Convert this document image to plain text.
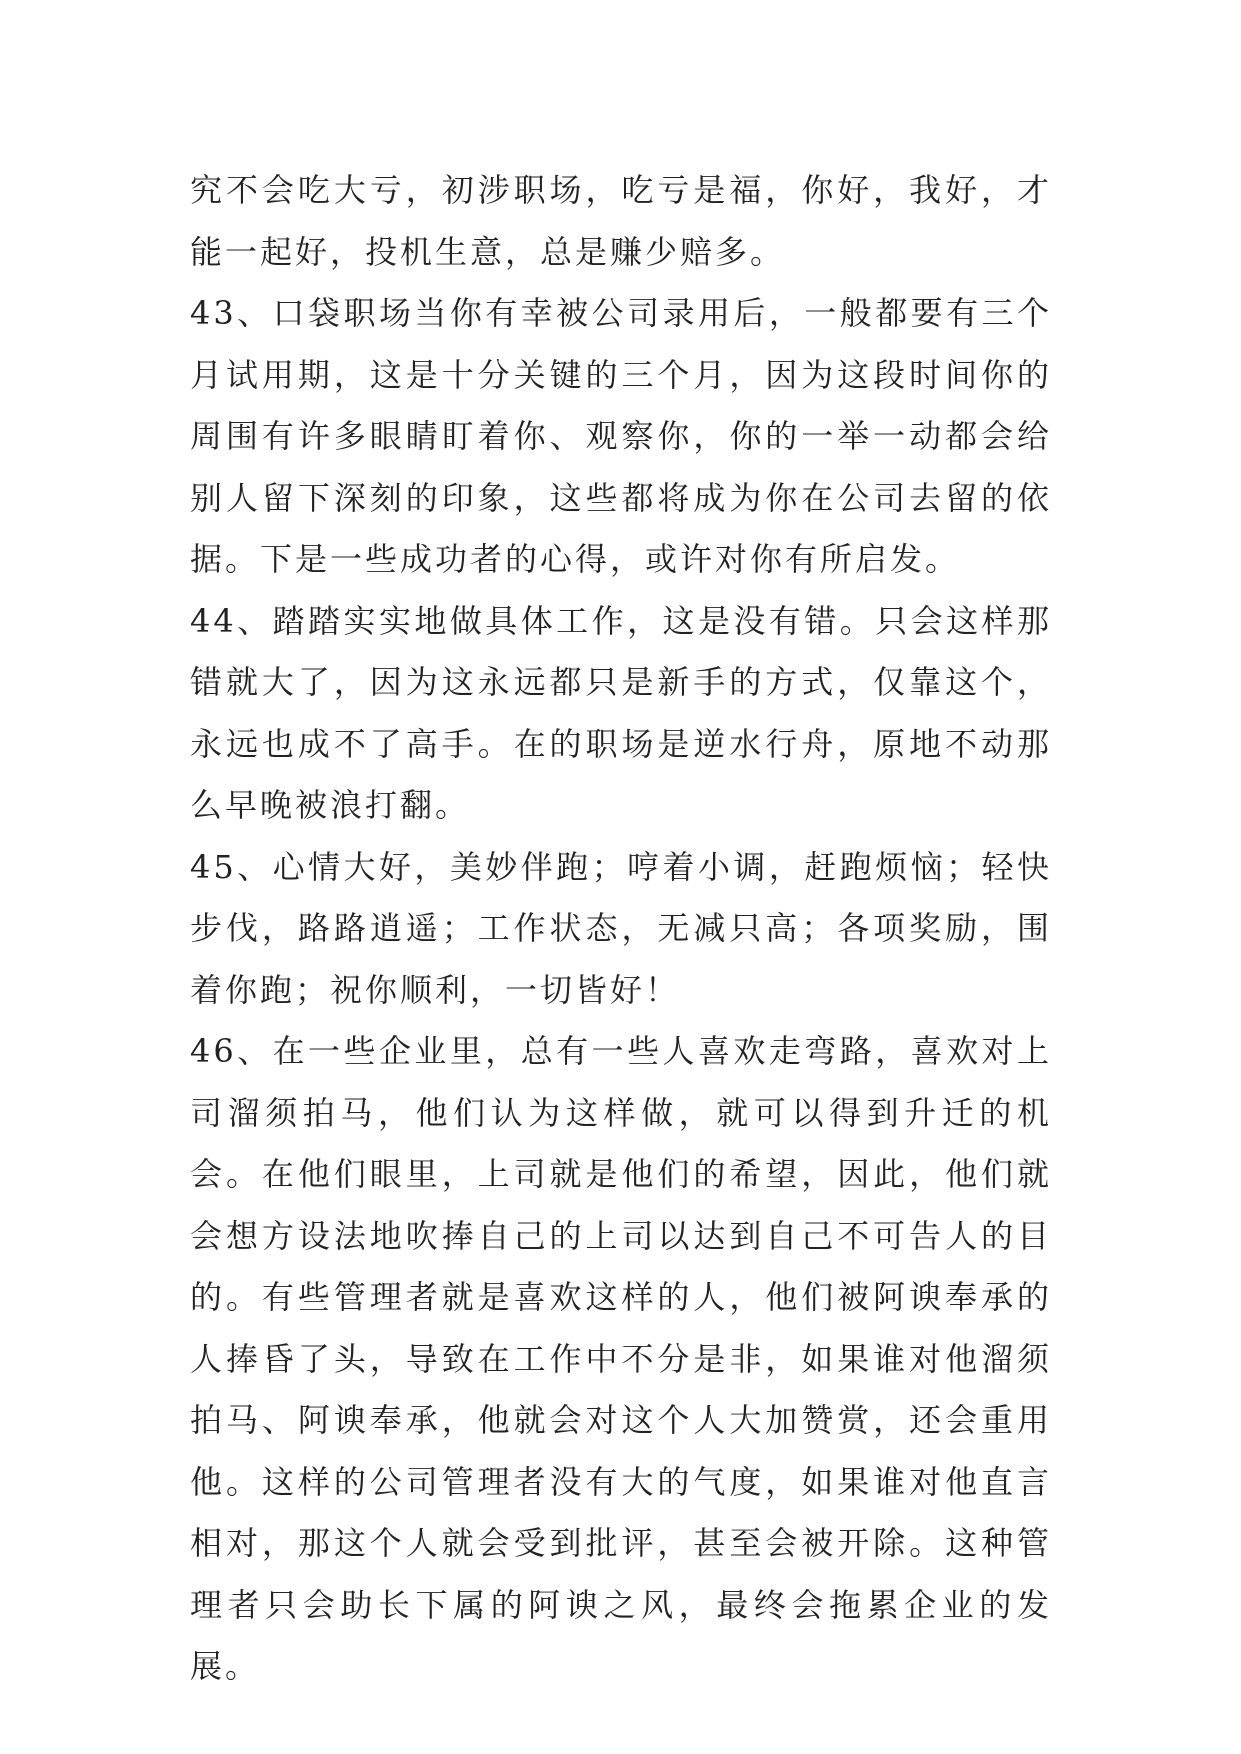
究不会吃大亏，初涉职场，吃亏是福，你好，我好，才能一起好，投机生意，总是赚少赔多。

43、口袋职场当你有幸被公司录用后，一般都要有三个月试用期，这是十分关键的三个月，因为这段时间你的周围有许多眼睛盯着你、观察你，你的一举一动都会给别人留下深刻的印象，这些都将成为你在公司去留的依据。下是一些成功者的心得，或许对你有所启发。

44、踏踏实实地做具体工作，这是没有错。只会这样那错就大了，因为这永远都只是新手的方式，仅靠这个，永远也成不了高手。在的职场是逆水行舟，原地不动那么早晚被浪打翻。

45、心情大好，美妙伴跑；哼着小调，赶跑烦恼；轻快步伐，路路逍遥；工作状态，无减只高；各项奖励，围着你跑；祝你顺利，一切皆好！

46、在一些企业里，总有一些人喜欢走弯路，喜欢对上司溜须拍马，他们认为这样做，就可以得到升迁的机会。在他们眼里，上司就是他们的希望，因此，他们就会想方设法地吹捧自己的上司以达到自己不可告人的目的。有些管理者就是喜欢这样的人，他们被阿谀奉承的人捧昏了头，导致在工作中不分是非，如果谁对他溜须拍马、阿谀奉承，他就会对这个人大加赞赏，还会重用他。这样的公司管理者没有大的气度，如果谁对他直言相对，那这个人就会受到批评，甚至会被开除。这种管理者只会助长下属的阿谀之风，最终会拖累企业的发展。
